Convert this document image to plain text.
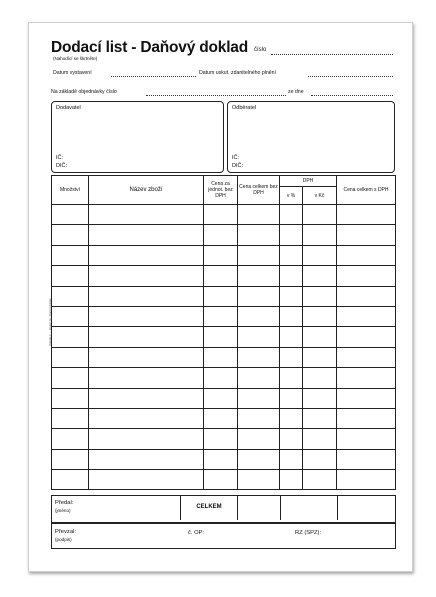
Dodací list - Daňový doklad číslo
(Nahodící se škrtněte)
Datum vystavení	Datum uskut. zdanitelného plnění
Na základě objednávky číslo	ze dne
Dodavatel
IČ:
DIČ:
Odběratel
IČ:
DIČ:
Tiskopis č. ... Dodací list - Daňový doklad
Množství	Název zboží	Cena za jednot. bez DPH	Cena celkem bez DPH	DPH		Cena celkem s DPH
				v %	v Kč	

Předal:
(jméno)
CELKEM
Převzal:
(podpis)
č. OP:	RZ (SPZ):
